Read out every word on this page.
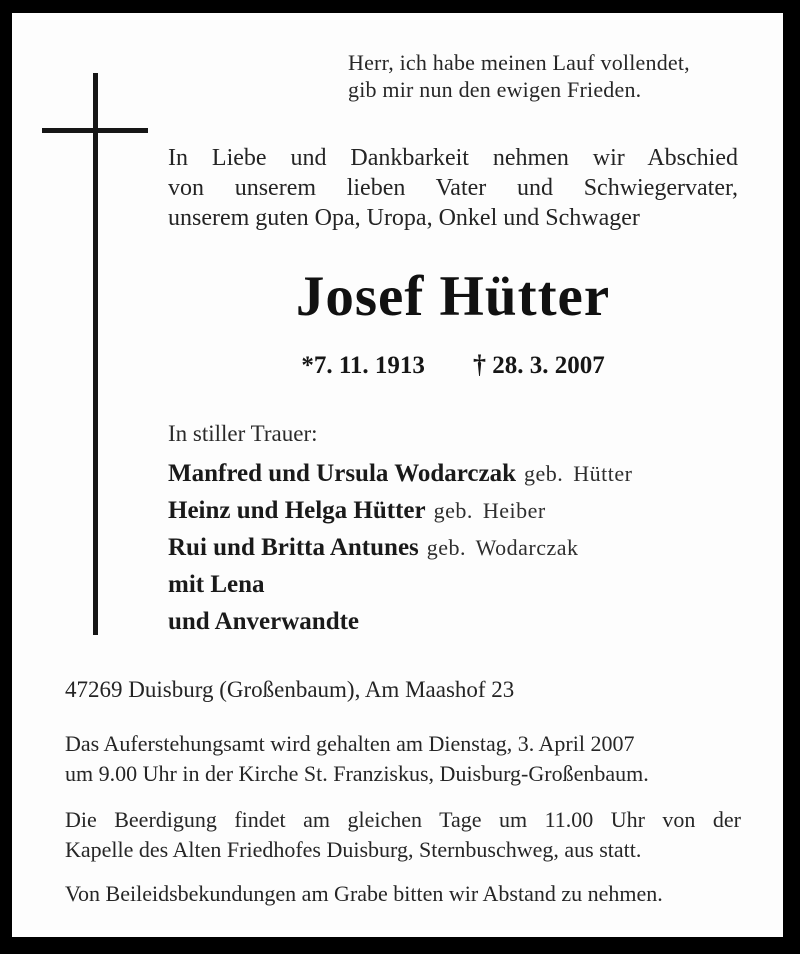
Herr, ich habe meinen Lauf vollendet,
gib mir nun den ewigen Frieden.
In Liebe und Dankbarkeit nehmen wir Abschied
von unserem lieben Vater und Schwiegervater,
unserem guten Opa, Uropa, Onkel und Schwager
Josef Hütter
*7. 11. 1913 † 28. 3. 2007
In stiller Trauer:
Manfred und Ursula Wodarczak geb. Hütter
Heinz und Helga Hütter geb. Heiber
Rui und Britta Antunes geb. Wodarczak
mit Lena
und Anverwandte
47269 Duisburg (Großenbaum), Am Maashof 23
Das Auferstehungsamt wird gehalten am Dienstag, 3. April 2007
um 9.00 Uhr in der Kirche St. Franziskus, Duisburg-Großenbaum.
Die Beerdigung findet am gleichen Tage um 11.00 Uhr von der
Kapelle des Alten Friedhofes Duisburg, Sternbuschweg, aus statt.
Von Beileidsbekundungen am Grabe bitten wir Abstand zu nehmen.
